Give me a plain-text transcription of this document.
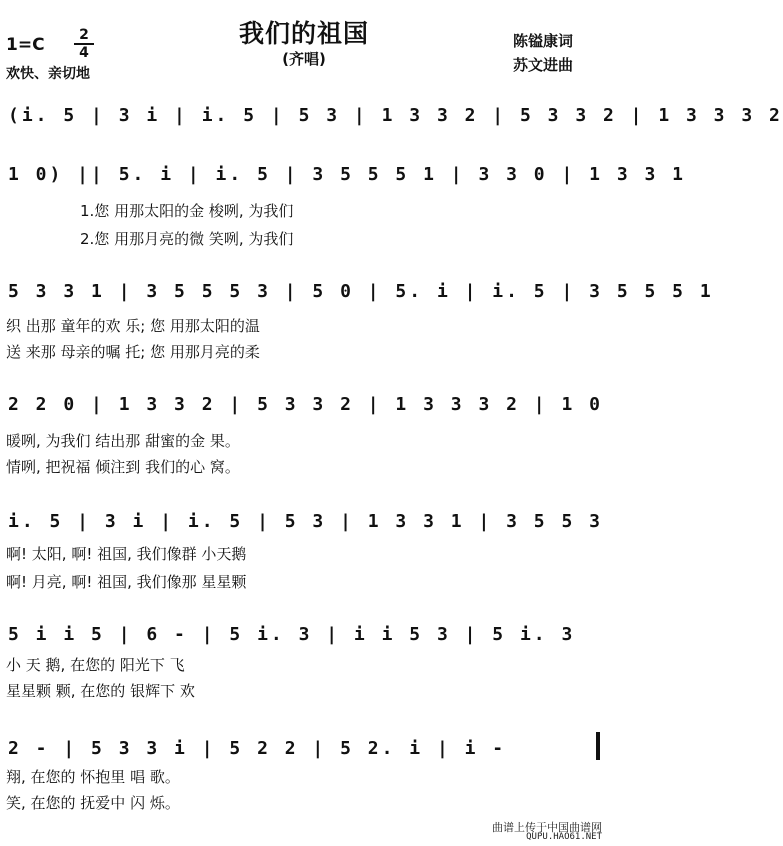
我们的祖国
(齐唱)
1=C	2
4
欢快、亲切地
陈镒康词
苏文进曲
(i. 5 | 3 i | i. 5 | 5 3 | 1 3 3 2 | 5 3 3 2 | 1 3 3 3 2
1 0) || 5. i | i. 5 | 3 5 5 5 1 | 3 3 0 | 1 3 3 1
1.您 用那太阳的金 梭咧, 为我们
2.您 用那月亮的微 笑咧, 为我们
5 3 3 1 | 3 5 5 5 3 | 5 0 | 5. i | i. 5 | 3 5 5 5 1
织 出那 童年的欢 乐; 您 用那太阳的温
送 来那 母亲的嘱 托; 您 用那月亮的柔
2 2 0 | 1 3 3 2 | 5 3 3 2 | 1 3 3 3 2 | 1 0
暖咧, 为我们 结出那 甜蜜的金 果。
情咧, 把祝福 倾注到 我们的心 窝。
i. 5 | 3 i | i. 5 | 5 3 | 1 3 3 1 | 3 5 5 3
啊! 太阳, 啊! 祖国, 我们像群 小天鹅
啊! 月亮, 啊! 祖国, 我们像那 星星颗
5 i i 5 | 6 - | 5 i. 3 | i i 5 3 | 5 i. 3
小 天 鹅, 在您的 阳光下 飞
星星颗 颗, 在您的 银辉下 欢
2 - | 5 3 3 i | 5 2 2 | 5 2. i | i -
翔, 在您的 怀抱里 唱 歌。
笑, 在您的 抚爱中 闪 烁。
曲谱上传于中国曲谱网
QUPU.HAO61.NET
